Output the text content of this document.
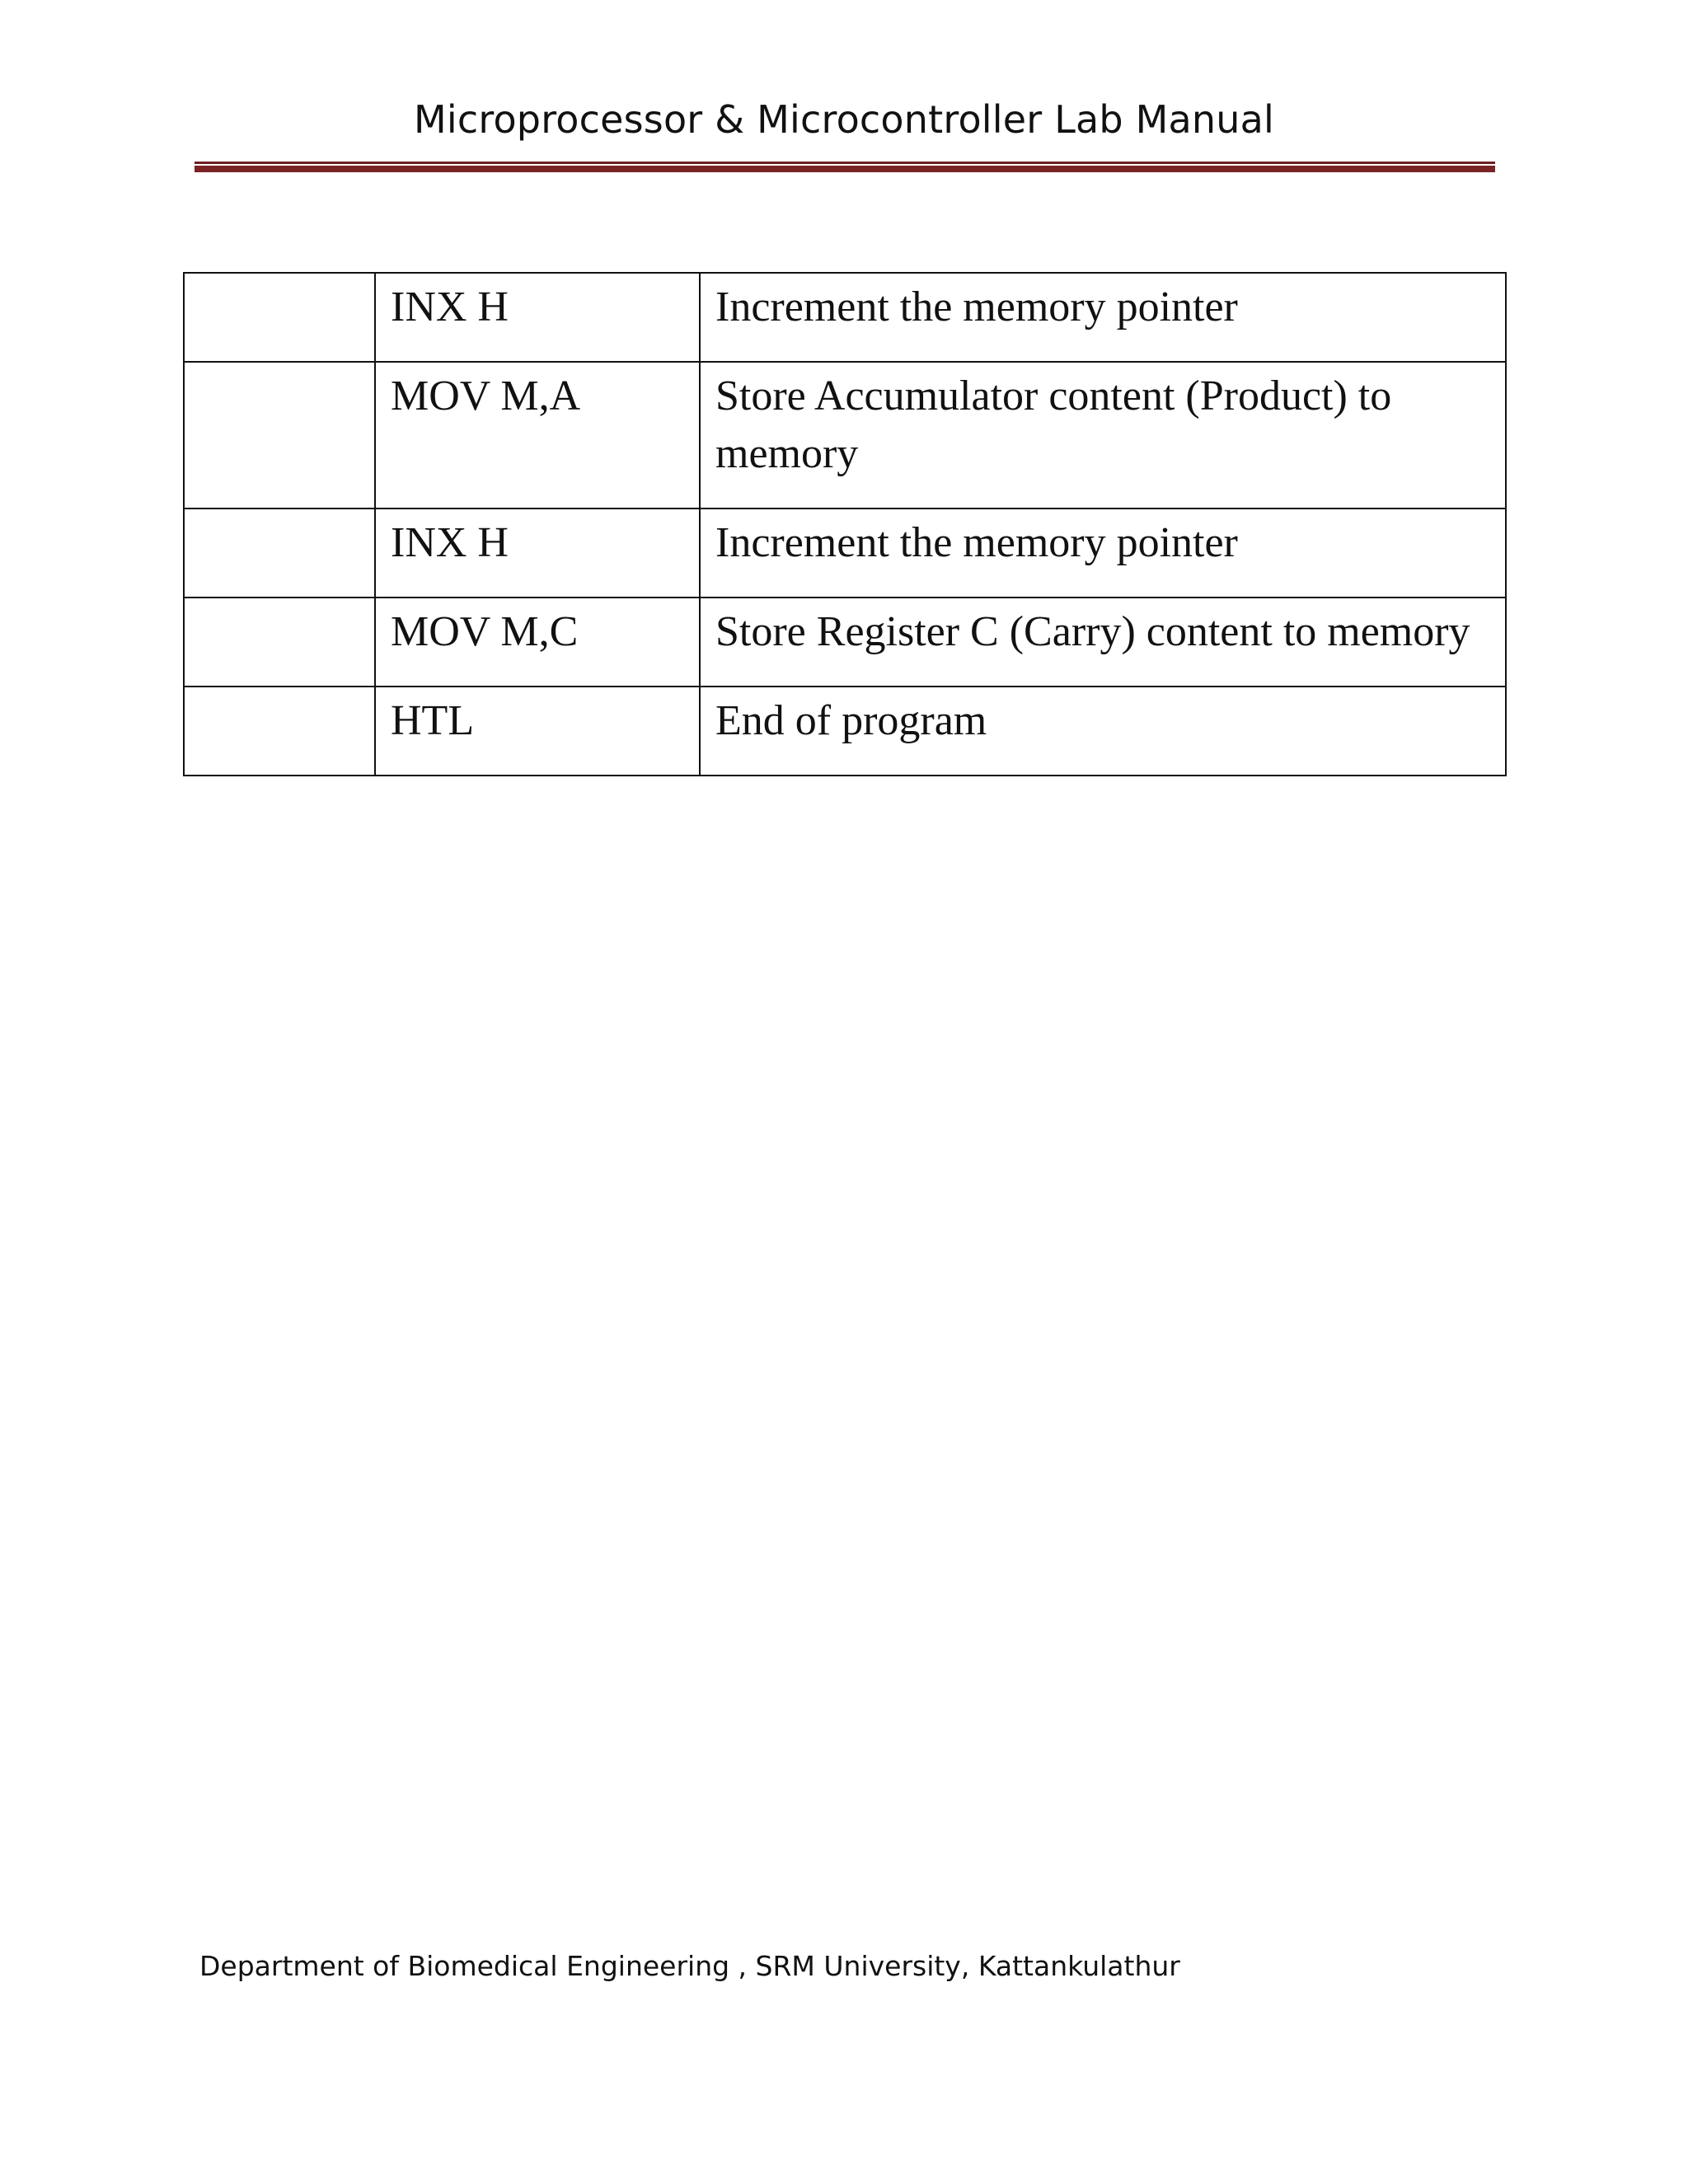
Microprocessor & Microcontroller Lab Manual
	INX H	Increment the memory pointer
	MOV M,A	Store Accumulator content (Product) to memory
	INX H	Increment the memory pointer
	MOV M,C	Store Register C (Carry) content to memory
	HTL	End of program
Department of Biomedical Engineering , SRM University, Kattankulathur
